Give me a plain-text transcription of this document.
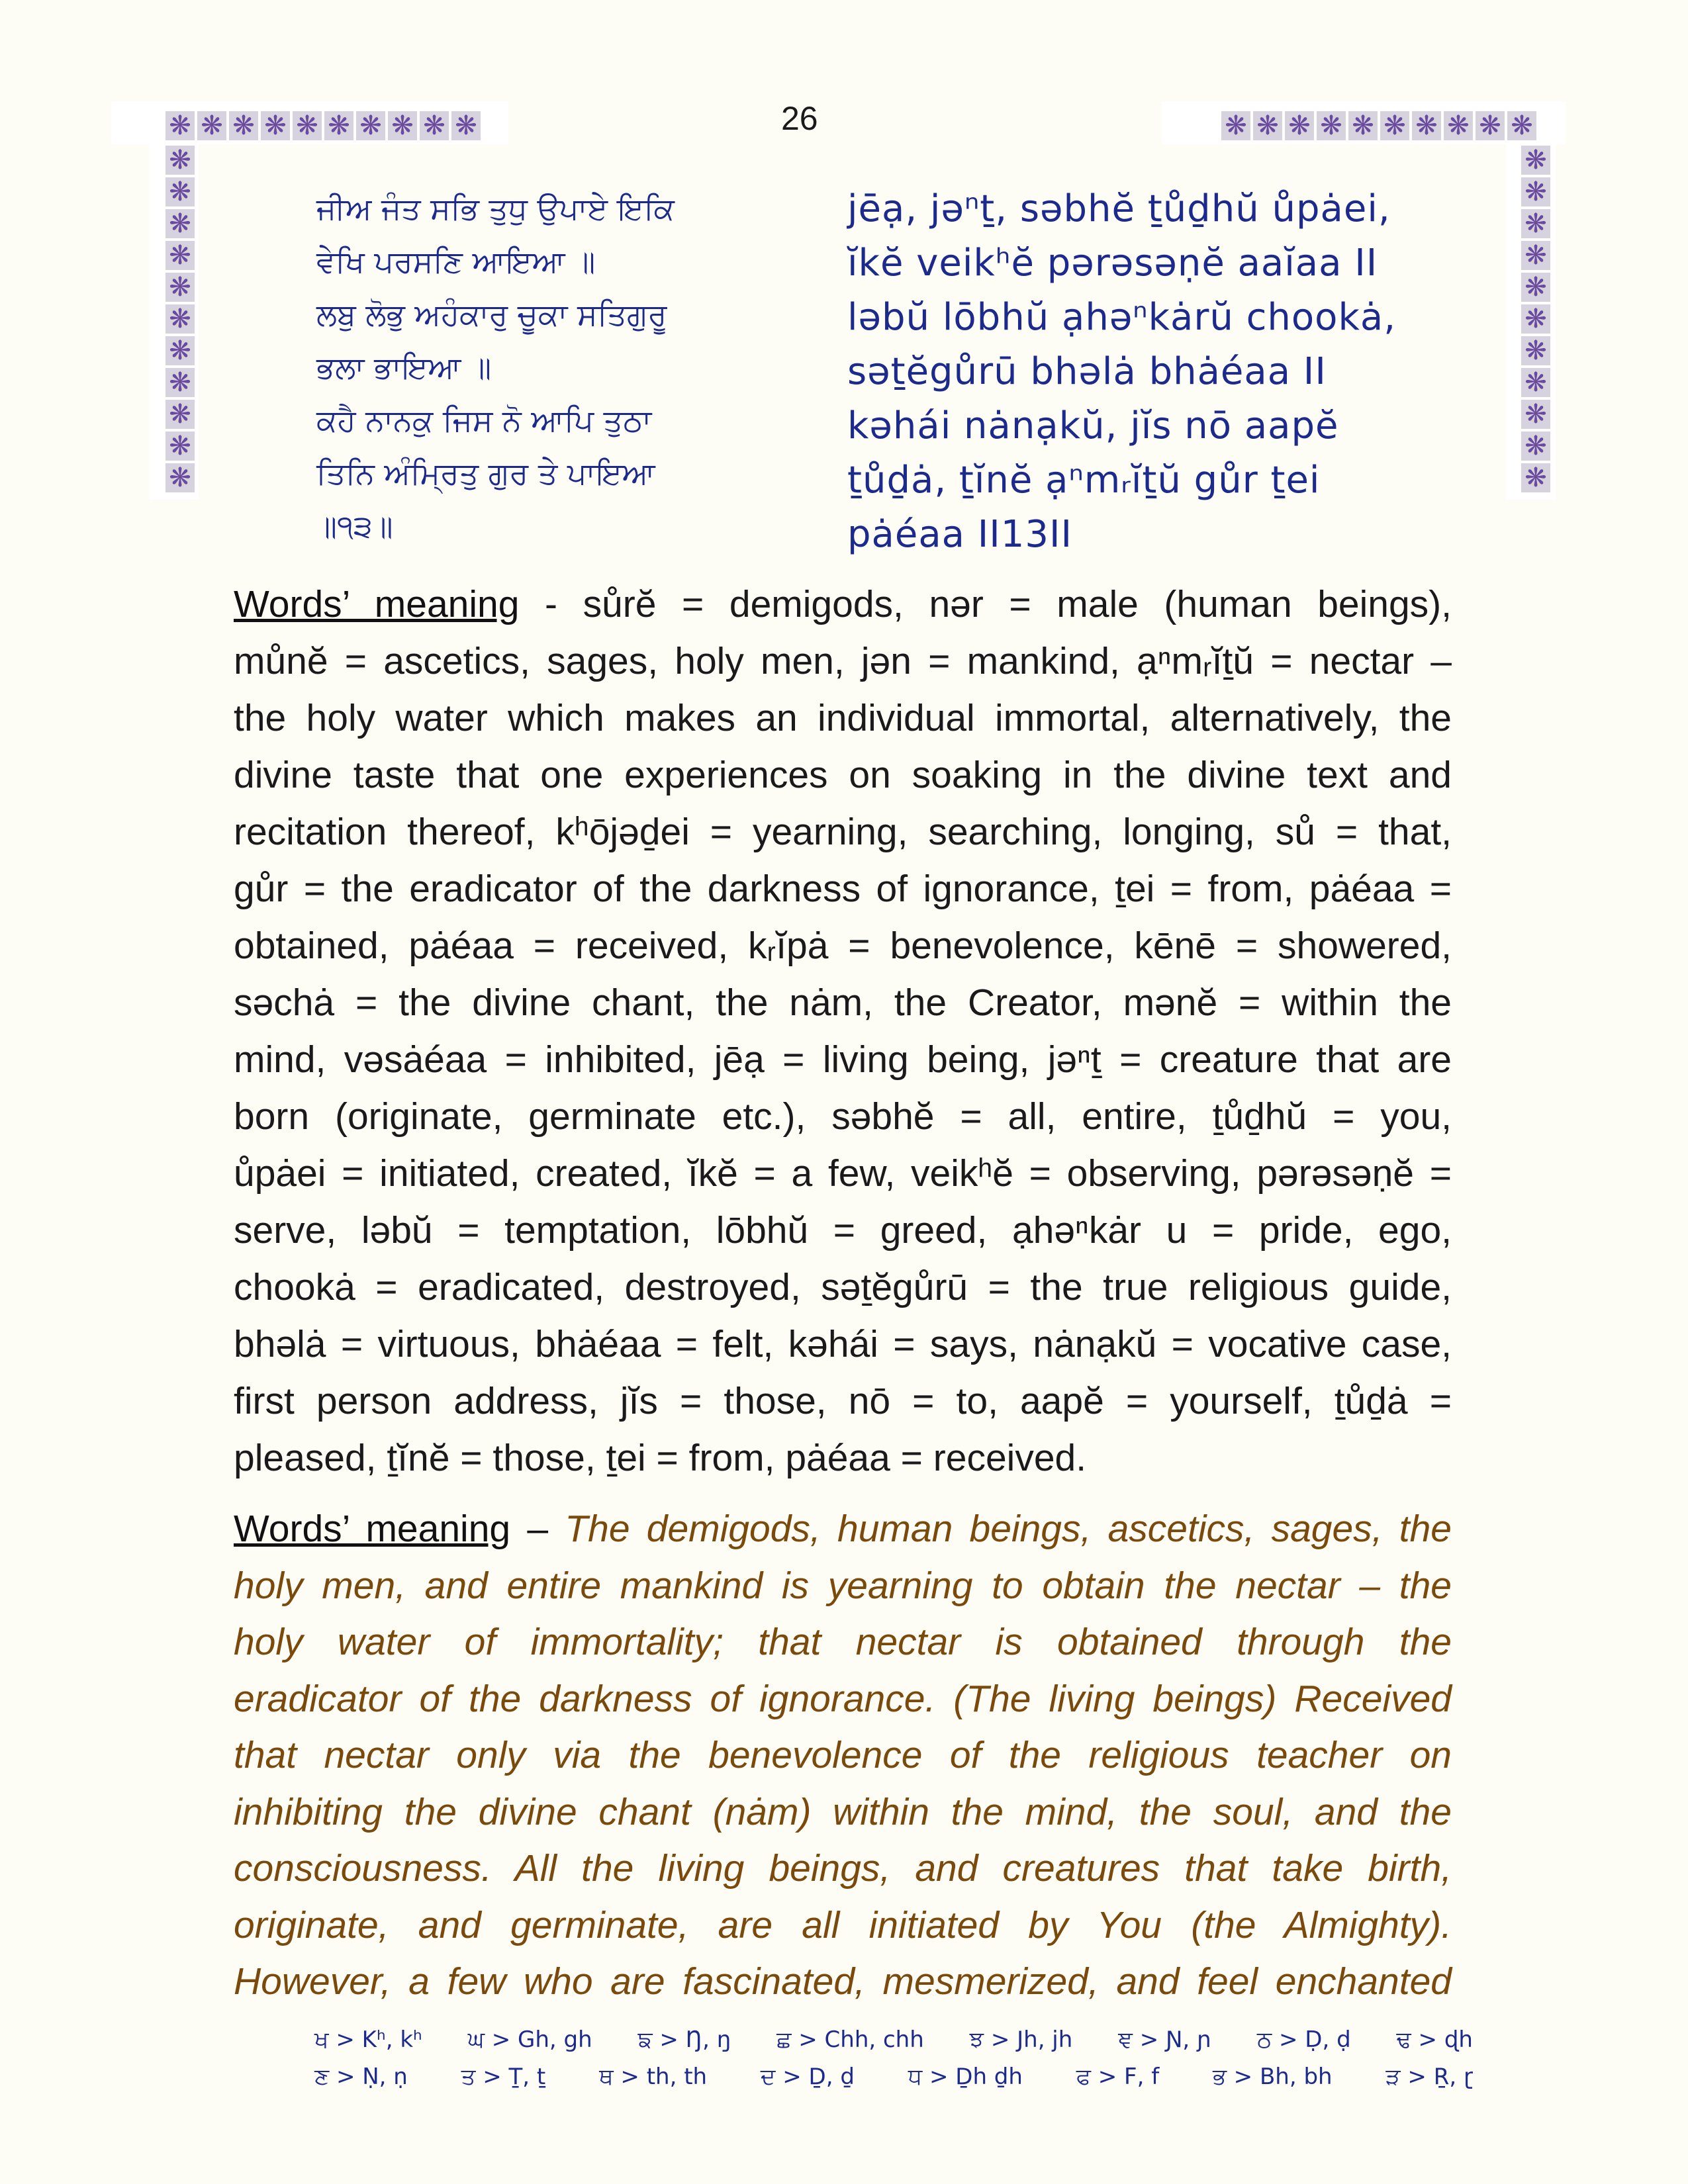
❋ ❋ ❋ ❋ ❋ ❋ ❋ ❋ ❋ ❋
❋
❋
❋
❋
❋
❋
❋
❋
❋
❋
❋
❋ ❋ ❋ ❋ ❋ ❋ ❋ ❋ ❋ ❋
❋
❋
❋
❋
❋
❋
❋
❋
❋
❋
❋
26
ਜੀਅ ਜੰਤ ਸਭਿ ਤੁਧੁ ਉਪਾਏ ਇਕਿ
ਵੇਖਿ ਪਰਸਣਿ ਆਇਆ ॥
ਲਬੁ ਲੋਭੁ ਅਹੰਕਾਰੁ ਚੂਕਾ ਸਤਿਗੁਰੂ
ਭਲਾ ਭਾਇਆ ॥
ਕਹੈ ਨਾਨਕੁ ਜਿਸ ਨੋ ਆਪਿ ਤੁਠਾ
ਤਿਨਿ ਅੰਮ੍ਰਿਤੁ ਗੁਰ ਤੇ ਪਾਇਆ
॥੧੩॥
jēạ, jəⁿṯ, səbhĕ ṯůḏhŭ ůpȧei,
ĭkĕ veikʰĕ pərəsəṇĕ aaĭaa II
ləbŭ lōbhŭ ạhəⁿkȧrŭ chookȧ,
səṯĕgůrū bhəlȧ bhȧéaa II
kəhái nȧnạkŭ, jĭs nō aapĕ
ṯůḏȧ, ṯĭnĕ ạⁿmᵣĭṯŭ gůr ṯei
pȧéaa II13II
Words’ meaning - sůrĕ = demigods, nər = male (human beings),
můnĕ = ascetics, sages, holy men, jən = mankind, ạⁿmᵣĭṯŭ = nectar –
the holy water which makes an individual immortal, alternatively, the
divine taste that one experiences on soaking in the divine text and
recitation thereof, kʰōjəḏei = yearning, searching, longing, sů = that,
gůr = the eradicator of the darkness of ignorance, ṯei = from, pȧéaa =
obtained, pȧéaa = received, kᵣĭpȧ = benevolence, kēnē = showered,
səchȧ = the divine chant, the nȧm, the Creator, mənĕ = within the
mind, vəsȧéaa = inhibited, jēạ = living being, jəⁿṯ = creature that are
born (originate, germinate etc.), səbhĕ = all, entire, ṯůḏhŭ = you,
ůpȧei = initiated, created, ĭkĕ = a few, veikʰĕ = observing, pərəsəṇĕ =
serve, ləbŭ = temptation, lōbhŭ = greed, ạhəⁿkȧr u = pride, ego,
chookȧ = eradicated, destroyed, səṯĕgůrū = the true religious guide,
bhəlȧ = virtuous, bhȧéaa = felt, kəhái = says, nȧnạkŭ = vocative case,
first person address, jĭs = those, nō = to, aapĕ = yourself, ṯůḏȧ =
pleased, ṯĭnĕ = those, ṯei = from, pȧéaa = received.
Words’ meaning – The demigods, human beings, ascetics, sages, the
holy men, and entire mankind is yearning to obtain the nectar – the
holy water of immortality; that nectar is obtained through the
eradicator of the darkness of ignorance. (The living beings) Received
that nectar only via the benevolence of the religious teacher on
inhibiting the divine chant (nȧm) within the mind, the soul, and the
consciousness. All the living beings, and creatures that take birth,
originate, and germinate, are all initiated by You (the Almighty).
However, a few who are fascinated, mesmerized, and feel enchanted
ਖ > Kʰ, kʰ ਘ > Gh, gh ਙ > Ŋ, ŋ ਛ > Chh, chh ਝ > Jh, jh ਞ > Ɲ, ɲ ਠ > Ḍ, ḍ ਢ > ɖh
ਣ > Ṇ, ṇ ਤ > Ṯ, ṯ ਥ > th, th ਦ > Ḏ, ḏ ਧ > Ḏh ḏh ਫ > F, f ਭ > Bh, bh ੜ > Ṟ, ɽ
